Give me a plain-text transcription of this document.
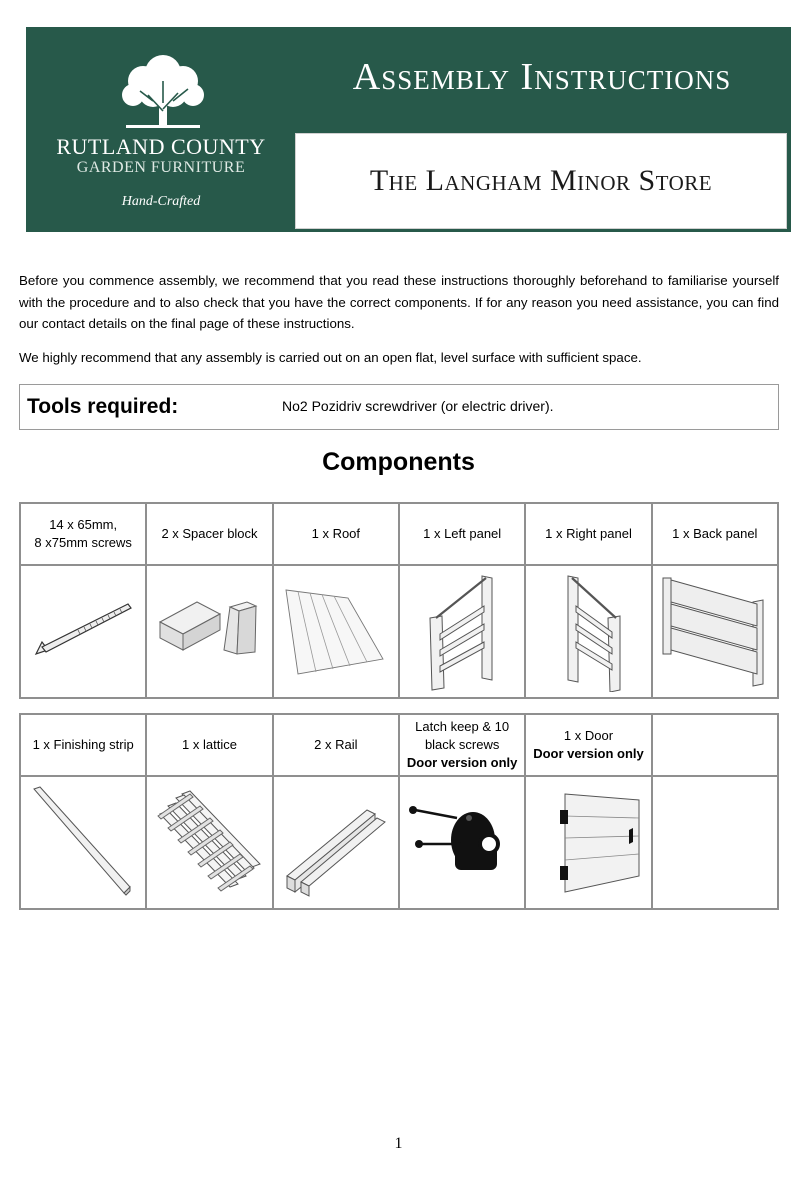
RUTLAND COUNTY
GARDEN FURNITURE
Hand-Crafted
Assembly Instructions
The Langham Minor Store
Before you commence assembly, we recommend that you read these instructions thoroughly beforehand to familiarise yourself with the procedure and to also check that you have the correct components. If for any reason you need assistance, you can find our contact details on the final page of these instructions.
We highly recommend that any assembly is carried out on an open flat, level surface with sufficient space.
Tools required:	No2 Pozidriv screwdriver (or electric driver).
Components
14 x 65mm,
8 x75mm screws	2 x Spacer block	1 x Roof	1 x Left panel	1 x Right panel	1 x Back panel

1 x Finishing strip	1 x lattice	2 x Rail	Latch keep & 10
black screws
Door version only	1 x Door
Door version only	

1
